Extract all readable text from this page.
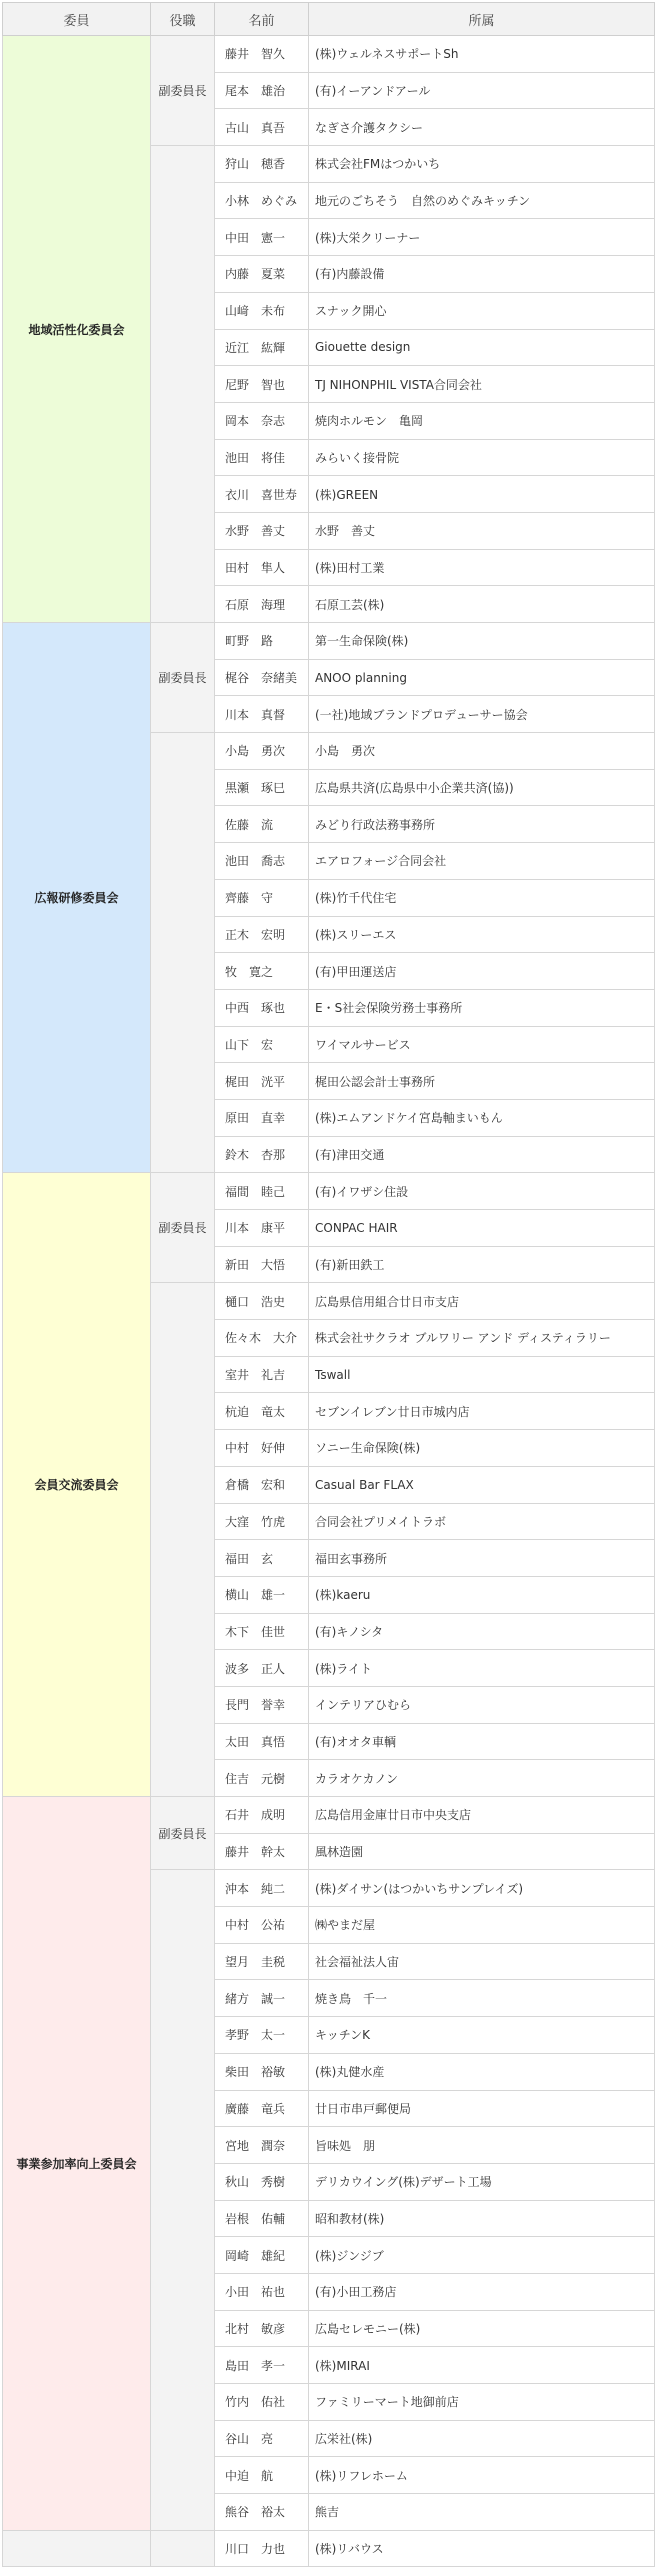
委員	役職	名前	所属
地域活性化委員会	副委員長	藤井　智久	(株)ウェルネスサポートSh
		尾本　雄治	(有)イーアンドアール
		古山　真吾	なぎさ介護タクシー
		狩山　穂香	株式会社FMはつかいち
		小林　めぐみ	地元のごちそう　自然のめぐみキッチン
		中田　憲一	(株)大栄クリーナー
		内藤　夏菜	(有)内藤設備
		山﨑　未布	スナック開心
		近江　紘輝	Giouette design
		尼野　智也	TJ NIHONPHIL VISTA合同会社
		岡本　奈志	焼肉ホルモン　亀岡
		池田　将佳	みらいく接骨院
		衣川　喜世寿	(株)GREEN
		水野　善丈	水野　善丈
		田村　隼人	(株)田村工業
		石原　海理	石原工芸(株)
広報研修委員会	副委員長	町野　路	第一生命保険(株)
		梶谷　奈緒美	ANOO planning
		川本　真督	(一社)地域ブランドプロデューサー協会
		小島　勇次	小島　勇次
		黒瀬　琢巳	広島県共済(広島県中小企業共済(協))
		佐藤　流	みどり行政法務事務所
		池田　喬志	エアロフォージ合同会社
		齊藤　守	(株)竹千代住宅
		正木　宏明	(株)スリーエス
		牧　寛之	(有)甲田運送店
		中西　琢也	E・S社会保険労務士事務所
		山下　宏	ワイマルサービス
		梶田　洸平	梶田公認会計士事務所
		原田　直幸	(株)エムアンドケイ宮島軸まいもん
		鈴木　杏那	(有)津田交通
会員交流委員会	副委員長	福間　睦己	(有)イワザシ住設
		川本　康平	CONPAC HAIR
		新田　大悟	(有)新田鉄工
		樋口　浩史	広島県信用組合廿日市支店
		佐々木　大介	株式会社サクラオ ブルワリー アンド ディスティラリー
		室井　礼吉	Tswall
		杭迫　竜太	セブンイレブン廿日市城内店
		中村　好伸	ソニー生命保険(株)
		倉橋　宏和	Casual Bar FLAX
		大窪　竹虎	合同会社プリメイトラボ
		福田　玄	福田玄事務所
		横山　雄一	(株)kaeru
		木下　佳世	(有)キノシタ
		波多　正人	(株)ライト
		長門　誉幸	インテリアひむら
		太田　真悟	(有)オオタ車輌
		住吉　元樹	カラオケカノン
事業参加率向上委員会	副委員長	石井　成明	広島信用金庫廿日市中央支店
		藤井　幹太	風林造園
		沖本　純二	(株)ダイサン(はつかいちサンプレイズ)
		中村　公祐	㈱やまだ屋
		望月　圭税	社会福祉法人宙
		緒方　誠一	焼き鳥　千一
		孝野　太一	キッチンK
		柴田　裕敏	(株)丸健水産
		廣藤　竜兵	廿日市串戸郵便局
		宮地　潤奈	旨味処　朋
		秋山　秀樹	デリカウイング(株)デザート工場
		岩根　佑輔	昭和教材(株)
		岡崎　雄紀	(株)ジンジブ
		小田　祐也	(有)小田工務店
		北村　敏彦	広島セレモニー(株)
		島田　孝一	(株)MIRAI
		竹内　佑社	ファミリーマート地御前店
		谷山　亮	広栄社(株)
		中迫　航	(株)リフレホーム
		熊谷　裕太	熊吉
		川口　力也	(株)リバウス
